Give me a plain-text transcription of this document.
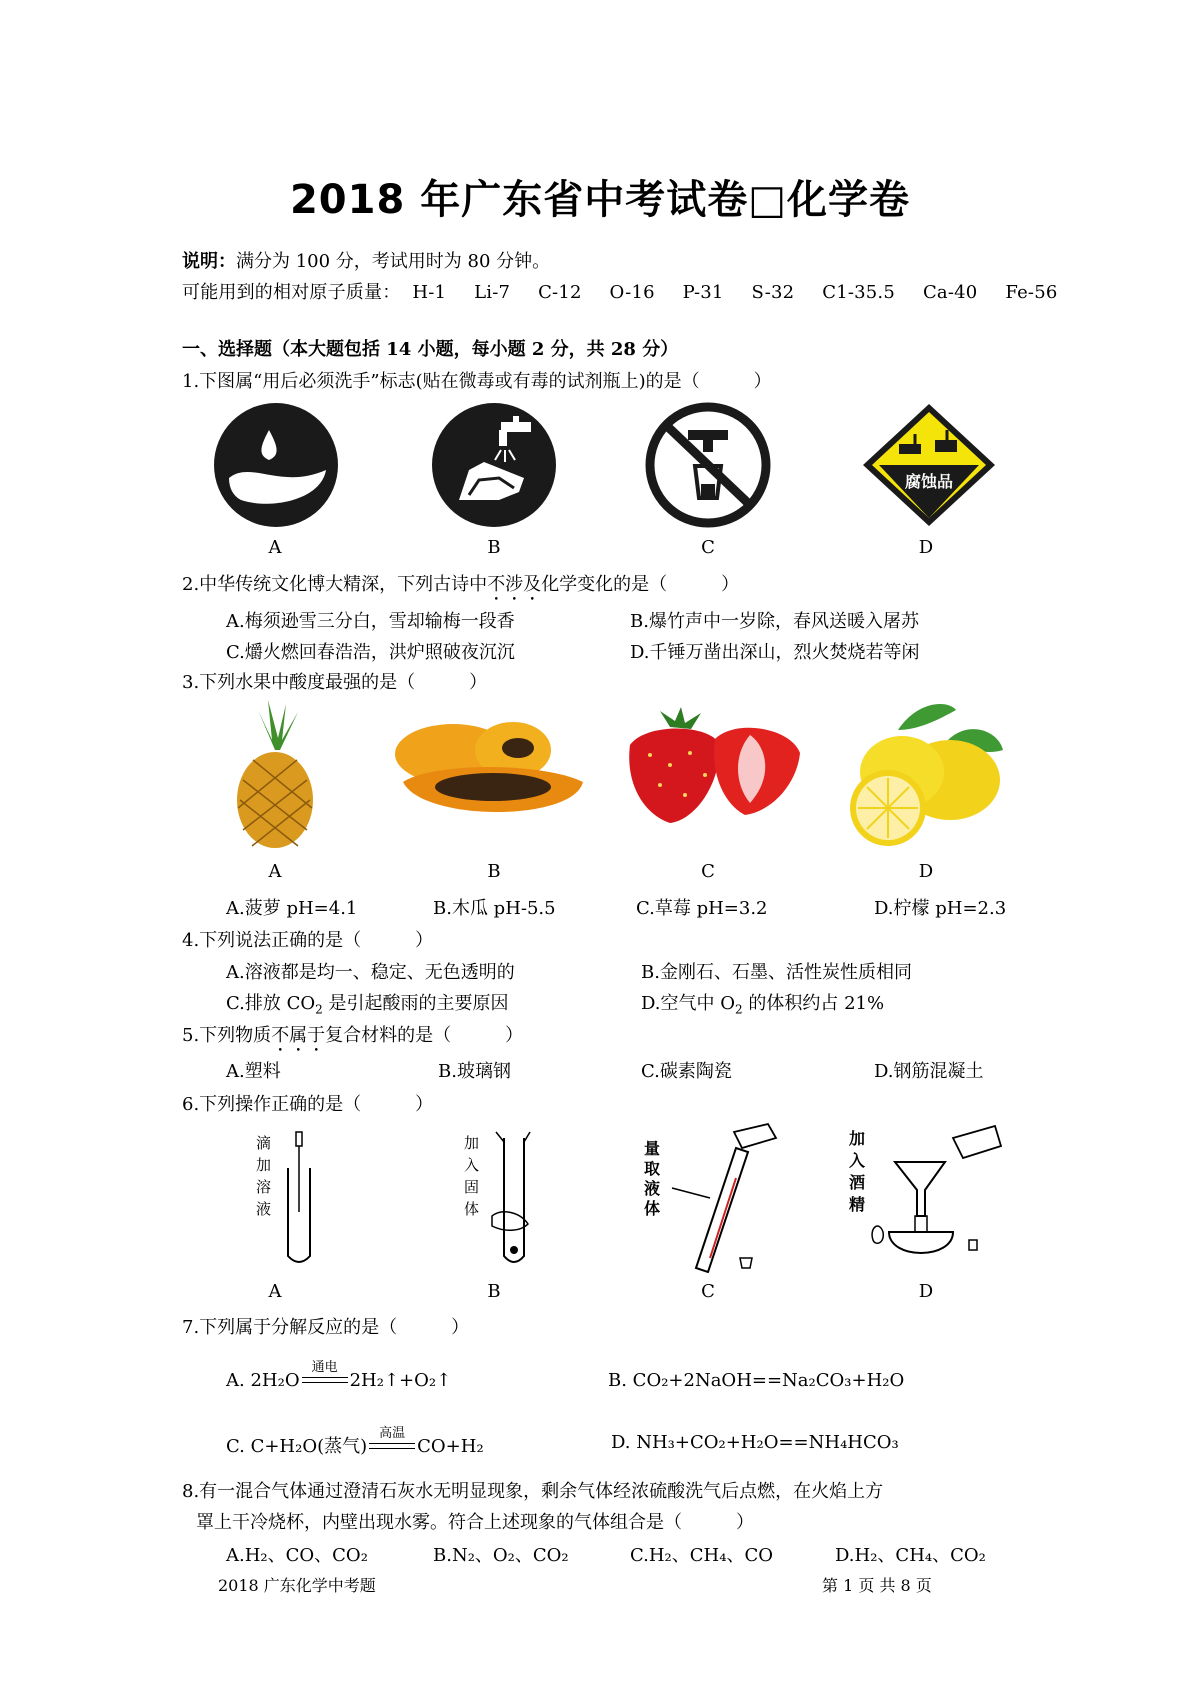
2018 年广东省中考试卷□化学卷
说明：满分为 100 分，考试用时为 80 分钟。
可能用到的相对原子质量： H-1 Li-7 C-12 O-16 P-31 S-32 C1-35.5 Ca-40 Fe-56
一、选择题（本大题包括 14 小题，每小题 2 分，共 28 分）
1.下图属“用后必须洗手”标志(贴在微毒或有毒的试剂瓶上)的是（　　　）
腐蚀品
A	B	C	D
2.中华传统文化博大精深，下列古诗中不涉及化学变化的是（　　　）
A.梅须逊雪三分白，雪却输梅一段香	B.爆竹声中一岁除，春风送暖入屠苏
C.爝火燃回春浩浩，洪炉照破夜沉沉	D.千锤万凿出深山，烈火焚烧若等闲
3.下列水果中酸度最强的是（　　　）
A	B	C	D
A.菠萝 pH=4.1	B.木瓜 pH-5.5	C.草莓 pH=3.2	D.柠檬 pH=2.3
4.下列说法正确的是（　　　）
A.溶液都是均一、稳定、无色透明的	B.金刚石、石墨、活性炭性质相同
C.排放 $CO_2$ 是引起酸雨的主要原因	D.空气中 $O_2$ 的体积约占 21%
5.下列物质不属于复合材料的是（　　　）
A.塑料	B.玻璃钢	C.碳素陶瓷	D.钢筋混凝土
6.下列操作正确的是（　　　）
滴加溶液
加入固体
量取液体
加入酒精
A	B	C	D
7.下列属于分解反应的是（　　　）
A. 2H₂O
通电
2H₂↑+O₂↑	B. CO₂+2NaOH==Na₂CO₃+H₂O
C. C+H₂O(蒸气)
高温
CO+H₂	D. NH₃+CO₂+H₂O==NH₄HCO₃
8.有一混合气体通过澄清石灰水无明显现象，剩余气体经浓硫酸洗气后点燃，在火焰上方
罩上干冷烧杯，内壁出现水雾。符合上述现象的气体组合是（　　　）
A.H₂、CO、CO₂	B.N₂、O₂、CO₂	C.H₂、CH₄、CO	D.H₂、CH₄、CO₂
2018 广东化学中考题	第 1 页 共 8 页
